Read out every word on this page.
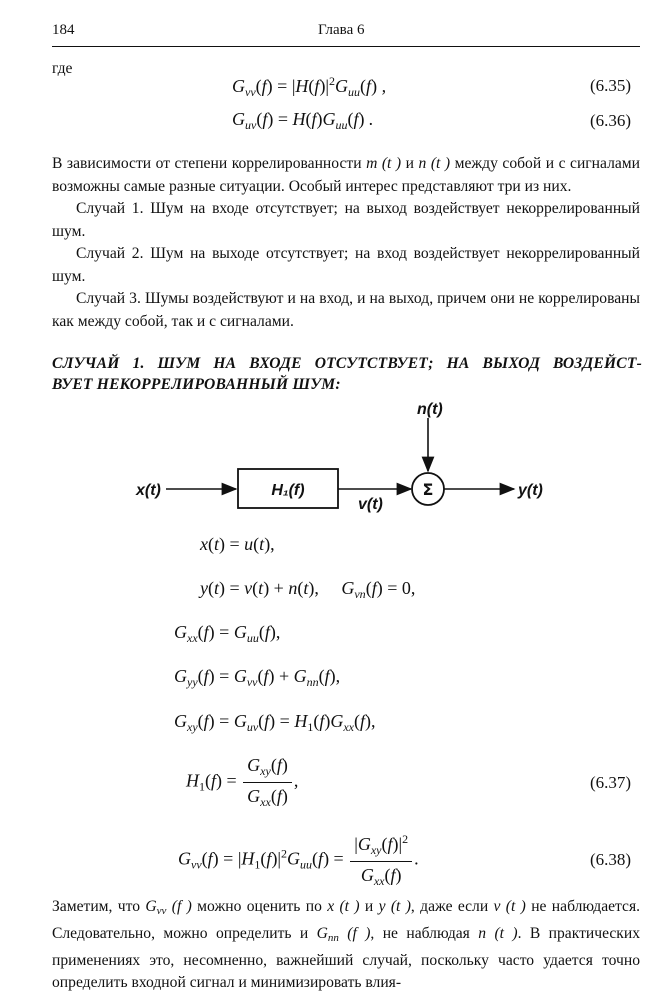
184	Глава 6
где
$G_{vv}(f) = |H(f)|^2G_{uu}(f)$ ,	(6.35)
$G_{uv}(f) = H(f)G_{uu}(f)$ .	(6.36)

В зависимости от степени коррелированности m (t ) и n (t ) между собой и с сигналами возможны самые разные ситуации. Особый интерес представляют три из них.

Случай 1. Шум на входе отсутствует; на выход воздействует некоррелированный шум.

Случай 2. Шум на выходе отсутствует; на вход воздействует некоррелированный шум.

Случай 3. Шумы воздействуют и на вход, и на выход, причем они не коррелированы как между собой, так и с сигналами.

СЛУЧАЙ 1. ШУМ НА ВХОДЕ ОТСУТСТВУЕТ; НА ВЫХОД ВОЗДЕЙСТ-
ВУЕТ НЕКОРРЕЛИРОВАННЫЙ ШУМ:
x(t)	H₁(f)
v(t)
n(t)
Σ	y(t)
x(t) = u(t),
y(t) = v(t) + n(t),     $G_{vn}(f) = 0$,
$G_{xx}(f) = G_{uu}(f)$,
$G_{yy}(f) = G_{vv}(f) + G_{nn}(f)$,
$G_{xy}(f) = G_{uv}(f) = H_1(f)G_{xx}(f)$,
$H_1(f) = \frac{G_{xy}(f)}{G_{xx}(f)}$ ,	(6.37)
$G_{vv}(f) = |H_1(f)|^2G_{uu}(f) = \frac{|G_{xy}(f)|^2}{G_{xx}(f)}$ .	(6.38)

Заметим, что $G_{vv}$ (f ) можно оценить по x (t ) и y (t ), даже если v (t ) не наблюдается. Следовательно, можно определить и $G_{nn}$ (f ), не наблюдая n (t ). В практических применениях это, несомненно, важнейший случай, поскольку часто удается точно определить входной сигнал и минимизировать влия-
